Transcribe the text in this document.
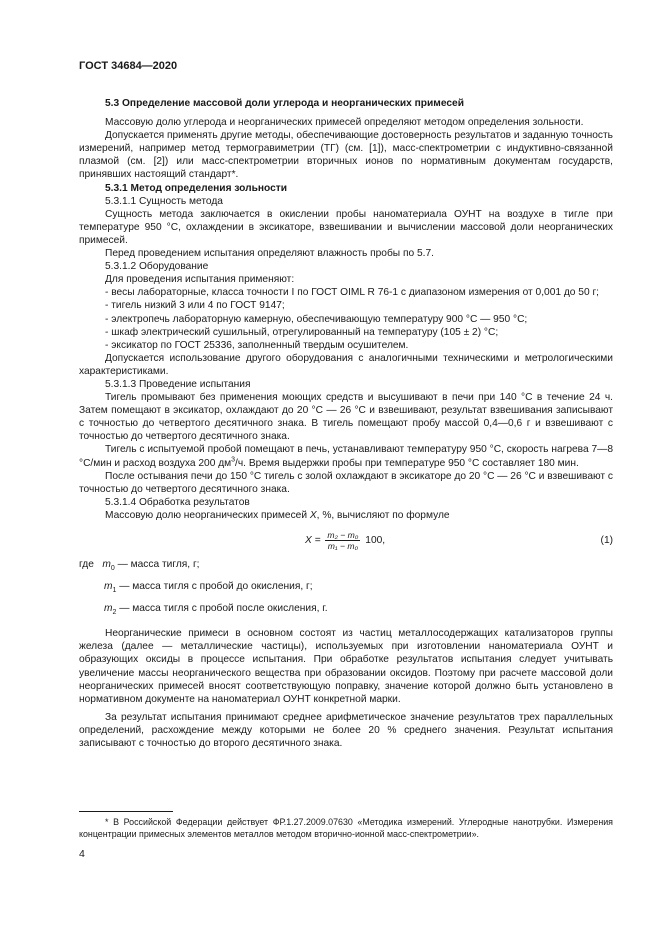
ГОСТ 34684—2020

5.3 Определение массовой доли углерода и неорганических примесей

Массовую долю углерода и неорганических примесей определяют методом определения зольности.

Допускается применять другие методы, обеспечивающие достоверность результатов и заданную точность измерений, например метод термогравиметрии (ТГ) (см. [1]), масс-спектрометрии с индуктивно-связанной плазмой (см. [2]) или масс-спектрометрии вторичных ионов по нормативным документам государств, принявших настоящий стандарт*.

5.3.1 Метод определения зольности

5.3.1.1 Сущность метода

Сущность метода заключается в окислении пробы наноматериала ОУНТ на воздухе в тигле при температуре 950 °С, охлаждении в эксикаторе, взвешивании и вычислении массовой доли неорганических примесей.

Перед проведением испытания определяют влажность пробы по 5.7.

5.3.1.2 Оборудование

Для проведения испытания применяют:

- весы лабораторные, класса точности I по ГОСТ OIML R 76-1 с диапазоном измерения от 0,001 до 50 г;

- тигель низкий 3 или 4 по ГОСТ 9147;

- электропечь лабораторную камерную, обеспечивающую температуру 900 °С — 950 °С;

- шкаф электрический сушильный, отрегулированный на температуру (105 ± 2) °С;

- эксикатор по ГОСТ 25336, заполненный твердым осушителем.

Допускается использование другого оборудования с аналогичными техническими и метрологическими характеристиками.

5.3.1.3 Проведение испытания

Тигель промывают без применения моющих средств и высушивают в печи при 140 °С в течение 24 ч. Затем помещают в эксикатор, охлаждают до 20 °С — 26 °С и взвешивают, результат взвешивания записывают с точностью до четвертого десятичного знака. В тигель помещают пробу массой 0,4—0,6 г и взвешивают с точностью до четвертого десятичного знака.

Тигель с испытуемой пробой помещают в печь, устанавливают температуру 950 °С, скорость нагрева 7—8 °С/мин и расход воздуха 200 $дм^3/ч$. Время выдержки пробы при температуре 950 °С составляет 180 мин.

После остывания печи до 150 °С тигель с золой охлаждают в эксикаторе до 20 °С — 26 °С и взвешивают с точностью до четвертого десятичного знака.

5.3.1.4 Обработка результатов

Массовую долю неорганических примесей X, %, вычисляют по формуле

$X = \frac{\text{m₂ − m₀}}{\text{m₁ − m₀}} 100$,	(1)
где $m_0$ — масса тигля, г;
$m_1$ — масса тигля с пробой до окисления, г;
$m_2$ — масса тигля с пробой после окисления, г.

Неорганические примеси в основном состоят из частиц металлосодержащих катализаторов группы железа (далее — металлические частицы), используемых при изготовлении наноматериала ОУНТ и образующих оксиды в процессе испытания. При обработке результатов испытания следует учитывать увеличение массы неорганического вещества при образовании оксидов. Поэтому при расчете массовой доли неорганических примесей вносят соответствующую поправку, значение которой должно быть установлено в нормативном документе на наноматериал ОУНТ конкретной марки.

За результат испытания принимают среднее арифметическое значение результатов трех параллельных определений, расхождение между которыми не более 20 % среднего значения. Результат испытания записывают с точностью до второго десятичного знака.

* В Российской Федерации действует ФР.1.27.2009.07630 «Методика измерений. Углеродные нанотрубки. Измерения концентрации примесных элементов металлов методом вторично-ионной масс-спектрометрии».
4
